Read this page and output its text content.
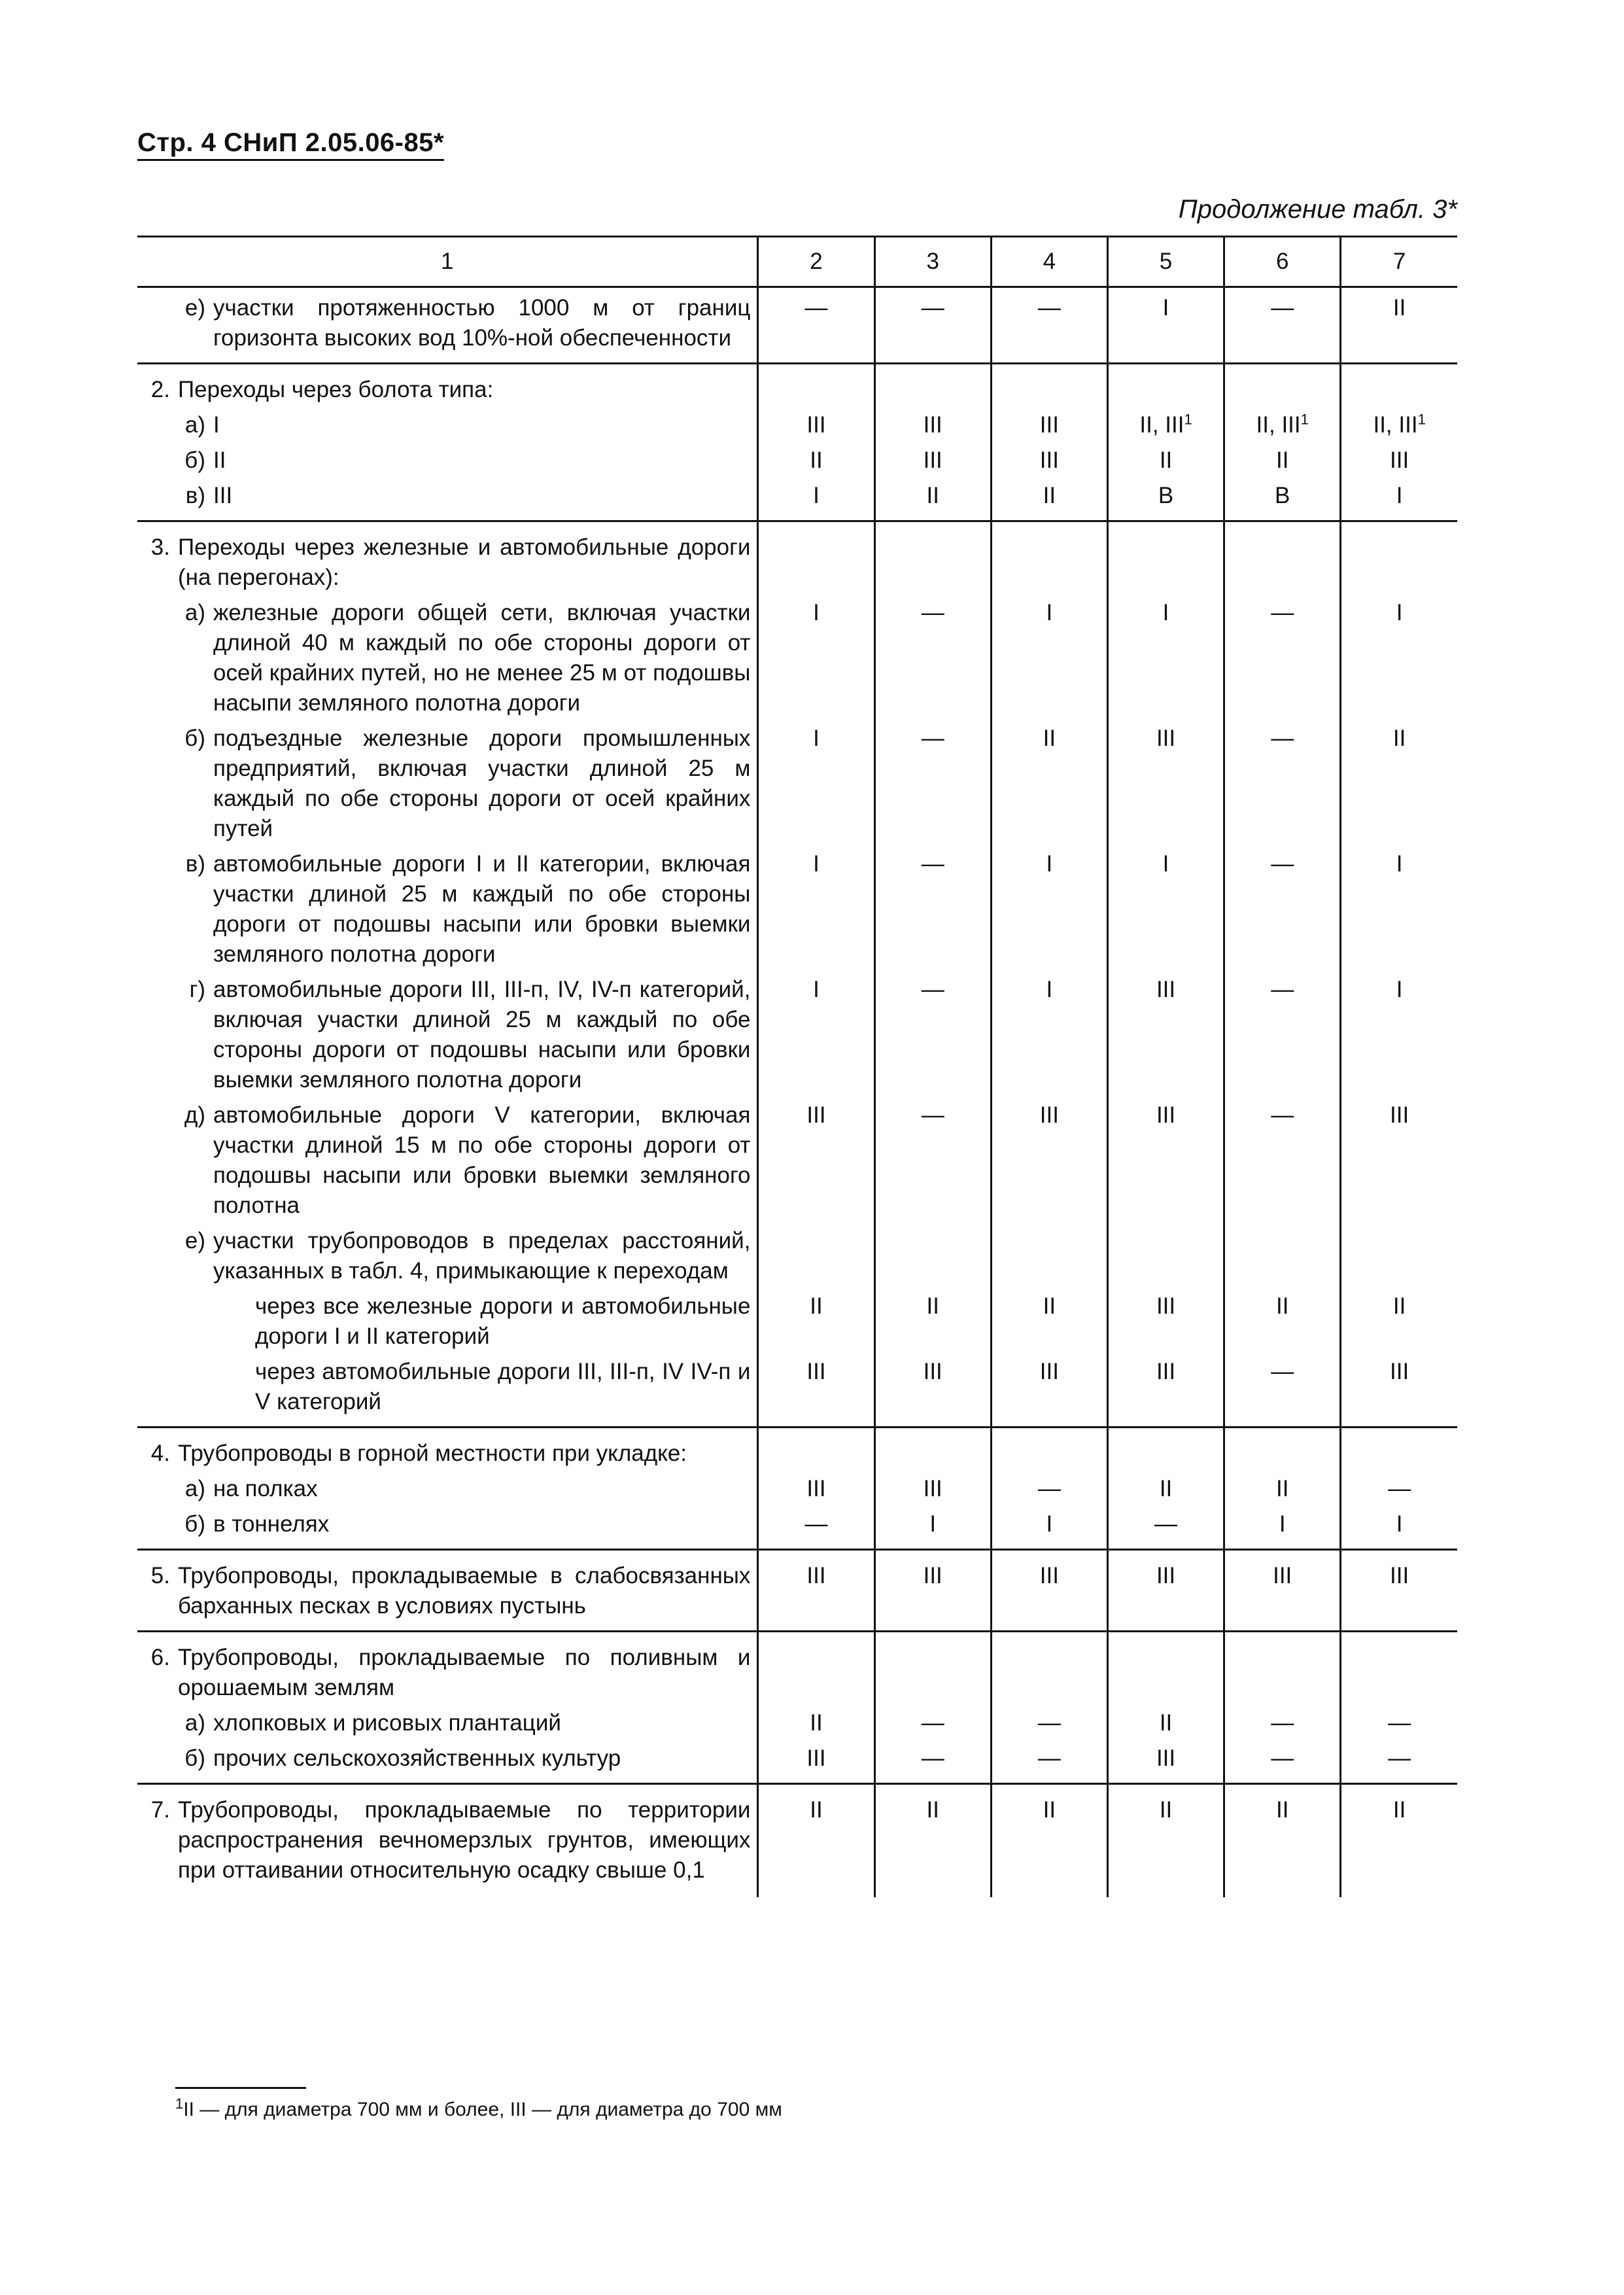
Стр. 4 СНиП 2.05.06-85*
Продолжение табл. 3*
1	2	3	4	5	6	7

е) участки протяженностью 1000 м от границ горизонта высоких вод 10%-ной обеспеченности	—	—	—	I	—	II

2. Переходы через болота типа:						

а) I	III	III	III	II, III$^1$	II, III$^1$	II, III$^1$

б) II	II	III	III	II	II	III

в) III	I	II	II	В	В	I

3. Переходы через железные и автомобильные дороги (на перегонах):						

а) железные дороги общей сети, включая участки длиной 40 м каждый по обе стороны дороги от осей крайних путей, но не менее 25 м от подошвы насыпи земляного полотна дороги	I	—	I	I	—	I

б) подъездные железные дороги промышленных предприятий, включая участки длиной 25 м каждый по обе стороны дороги от осей крайних путей	I	—	II	III	—	II

в) автомобильные дороги I и II категории, включая участки длиной 25 м каждый по обе стороны дороги от подошвы насыпи или бровки выемки земляного полотна дороги	I	—	I	I	—	I

г) автомобильные дороги III, III-п, IV, IV-п категорий, включая участки длиной 25 м каждый по обе стороны дороги от подошвы насыпи или бровки выемки земляного полотна дороги	I	—	I	III	—	I

д) автомобильные дороги V категории, включая участки длиной 15 м по обе стороны дороги от подошвы насыпи или бровки выемки земляного полотна	III	—	III	III	—	III

е) участки трубопроводов в пределах расстояний, указанных в табл. 4, примыкающие к переходам						

через все железные дороги и автомобильные дороги I и II категорий	II	II	II	III	II	II

через автомобильные дороги III, III-п, IV IV-п и V категорий	III	III	III	III	—	III

4. Трубопроводы в горной местности при укладке:						

а) на полках	III	III	—	II	II	—

б) в тоннелях	—	I	I	—	I	I

5. Трубопроводы, прокладываемые в слабосвязанных барханных песках в условиях пустынь	III	III	III	III	III	III

6. Трубопроводы, прокладываемые по поливным и орошаемым землям						

а) хлопковых и рисовых плантаций	II	—	—	II	—	—

б) прочих сельскохозяйственных культур	III	—	—	III	—	—

7. Трубопроводы, прокладываемые по территории распространения вечномерзлых грунтов, имеющих при оттаивании относительную осадку свыше 0,1	II	II	II	II	II	II
$^1$II — для диаметра 700 мм и более, III — для диаметра до 700 мм
